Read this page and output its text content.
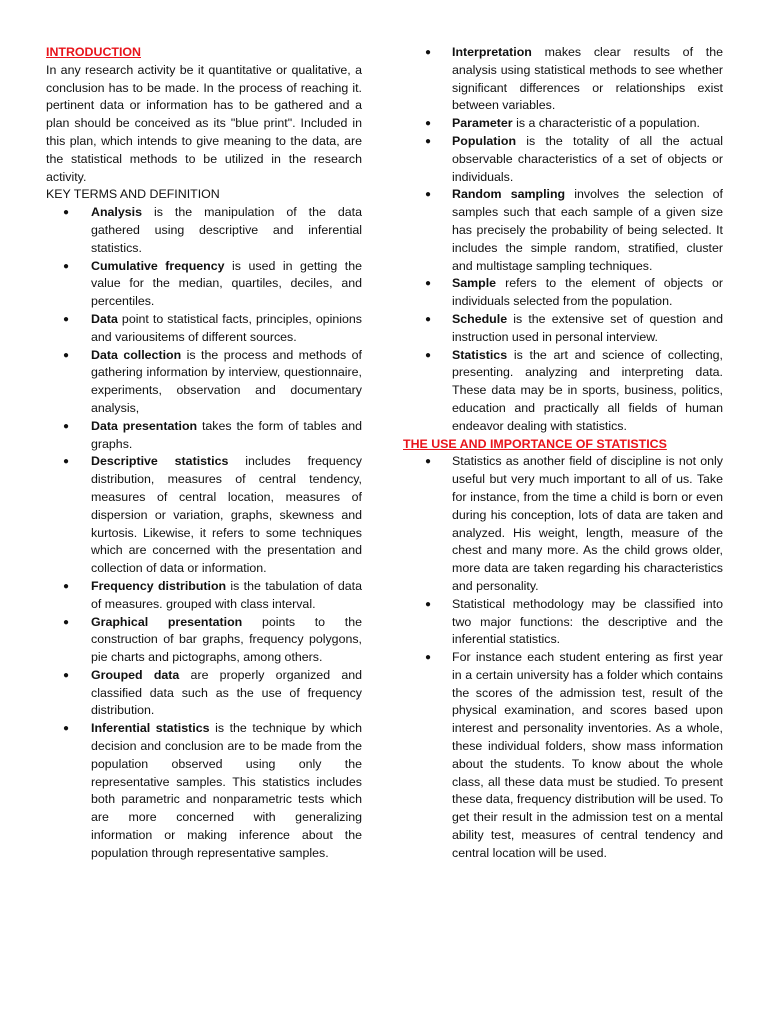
INTRODUCTION

In any research activity be it quantitative or qualitative, a conclusion has to be made. In the process of reaching it. pertinent data or information has to be gathered and a plan should be conceived as its "blue print". Included in this plan, which intends to give meaning to the data, are the statistical methods to be utilized in the research activity.

KEY TERMS AND DEFINITION

● Analysis is the manipulation of the data gathered using descriptive and inferential statistics.
● Cumulative frequency is used in getting the value for the median, quartiles, deciles, and percentiles.
● Data point to statistical facts, principles, opinions and variousitems of different sources.
● Data collection is the process and methods of gathering information by interview, questionnaire, experiments, observation and documentary analysis,
● Data presentation takes the form of tables and graphs.
● Descriptive statistics includes frequency distribution, measures of central tendency, measures of central location, measures of dispersion or variation, graphs, skewness and kurtosis. Likewise, it refers to some techniques which are concerned with the presentation and collection of data or information.
● Frequency distribution is the tabulation of data of measures. grouped with class interval.
● Graphical presentation points to the construction of bar graphs, frequency polygons, pie charts and pictographs, among others.
● Grouped data are properly organized and classified data such as the use of frequency distribution.
● Inferential statistics is the technique by which decision and conclusion are to be made from the population observed using only the representative samples. This statistics includes both parametric and nonparametric tests which are more concerned with generalizing information or making inference about the population through representative samples.
● Interpretation makes clear results of the analysis using statistical methods to see whether significant differences or relationships exist between variables.
● Parameter is a characteristic of a population.
● Population is the totality of all the actual observable characteristics of a set of objects or individuals.
● Random sampling involves the selection of samples such that each sample of a given size has precisely the probability of being selected. It includes the simple random, stratified, cluster and multistage sampling techniques.
● Sample refers to the element of objects or individuals selected from the population.
● Schedule is the extensive set of question and instruction used in personal interview.
● Statistics is the art and science of collecting, presenting. analyzing and interpreting data. These data may be in sports, business, politics, education and practically all fields of human endeavor dealing with statistics.

THE USE AND IMPORTANCE OF STATISTICS

● Statistics as another field of discipline is not only useful but very much important to all of us. Take for instance, from the time a child is born or even during his conception, lots of data are taken and analyzed. His weight, length, measure of the chest and many more. As the child grows older, more data are taken regarding his characteristics and personality.
● Statistical methodology may be classified into two major functions: the descriptive and the inferential statistics.
● For instance each student entering as first year in a certain university has a folder which contains the scores of the admission test, result of the physical examination, and scores based upon interest and personality inventories. As a whole, these individual folders, show mass information about the students. To know about the whole class, all these data must be studied. To present these data, frequency distribution will be used. To get their result in the admission test on a mental ability test, measures of central tendency and central location will be used.
